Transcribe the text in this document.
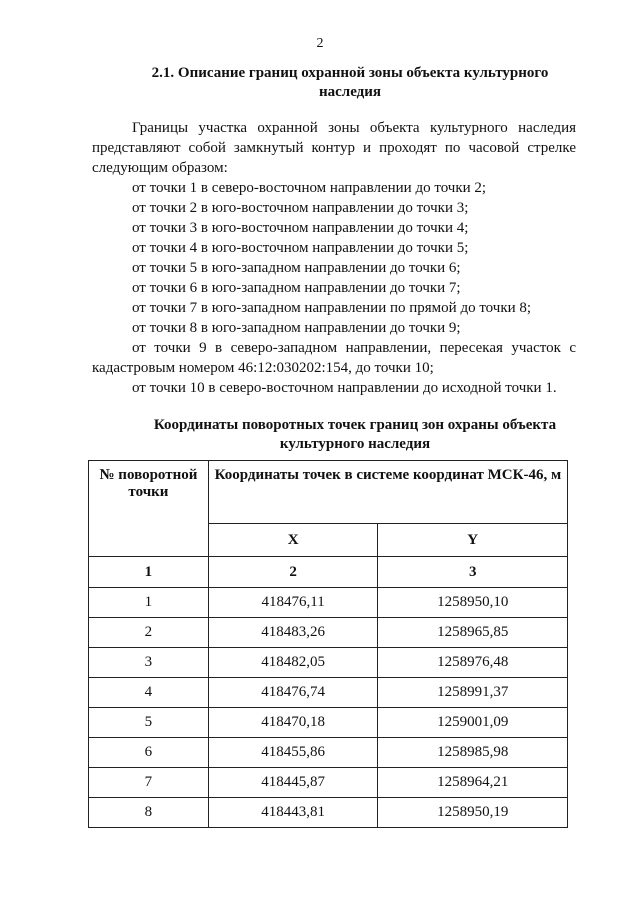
2
2.1. Описание границ охранной зоны объекта культурного
наследия
Границы участка охранной зоны объекта культурного наследия представляют собой замкнутый контур и проходят по часовой стрелке следующим образом:
от точки 1 в северо-восточном направлении до точки 2;
от точки 2 в юго-восточном направлении до точки 3;
от точки 3 в юго-восточном направлении до точки 4;
от точки 4 в юго-восточном направлении до точки 5;
от точки 5 в юго-западном направлении до точки 6;
от точки 6 в юго-западном направлении до точки 7;
от точки 7 в юго-западном направлении по прямой до точки 8;
от точки 8 в юго-западном направлении до точки 9;
от точки 9 в северо-западном направлении, пересекая участок с кадастровым номером 46:12:030202:154, до точки 10;
от точки 10 в северо-восточном направлении до исходной точки 1.
Координаты поворотных точек границ зон охраны объекта
культурного наследия
№ поворотной точки	Координаты точек в системе координат МСК-46, м	
	X	Y
1	2	3
1	418476,11	1258950,10
2	418483,26	1258965,85
3	418482,05	1258976,48
4	418476,74	1258991,37
5	418470,18	1259001,09
6	418455,86	1258985,98
7	418445,87	1258964,21
8	418443,81	1258950,19
